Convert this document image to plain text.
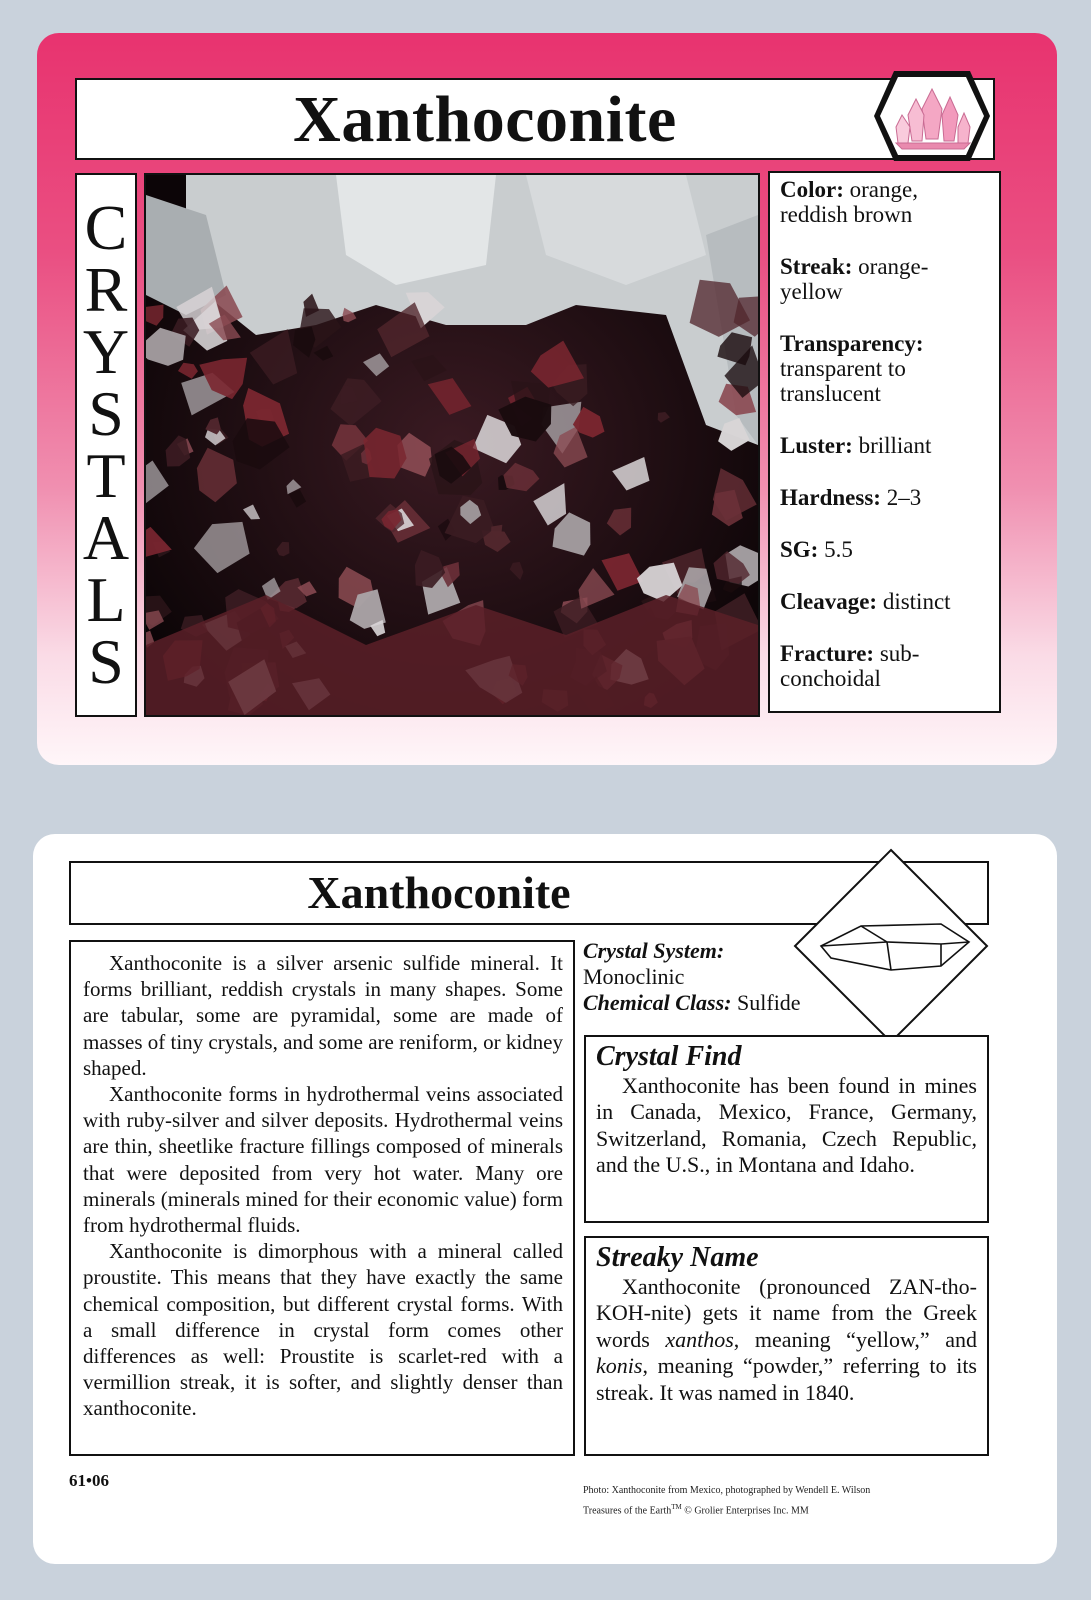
Xanthoconite
C
R
Y
S
T
A
L
S
Color: orange, reddish brown
Streak: orange-yellow
Transparency: transparent to translucent
Luster: brilliant
Hardness: 2–3
SG: 5.5
Cleavage: distinct
Fracture: sub-conchoidal
Xanthoconite

Xanthoconite is a silver arsenic sulfide mineral. It forms brilliant, reddish crystals in many shapes. Some are tabular, some are pyramidal, some are made of masses of tiny crystals, and some are reniform, or kidney shaped.

Xanthoconite forms in hydrothermal veins associated with ruby-silver and silver deposits. Hydrothermal veins are thin, sheetlike fracture fillings composed of minerals that were deposited from very hot water. Many ore minerals (minerals mined for their economic value) form from hydrothermal fluids.

Xanthoconite is dimorphous with a mineral called proustite. This means that they have exactly the same chemical composition, but different crystal forms. With a small difference in crystal form comes other differences as well: Proustite is scarlet-red with a vermillion streak, it is softer, and slightly denser than xanthoconite.

Crystal System:
Monoclinic
Chemical Class: Sulfide
Crystal Find

Xanthoconite has been found in mines in Canada, Mexico, France, Germany, Switzerland, Romania, Czech Republic, and the U.S., in Montana and Idaho.

Streaky Name

Xanthoconite (pronounced ZAN-tho-KOH-nite) gets it name from the Greek words xanthos, meaning “yellow,” and konis, meaning “powder,” referring to its streak. It was named in 1840.

61•06
Photo: Xanthoconite from Mexico, photographed by Wendell E. Wilson
Treasures of the Earth™ © Grolier Enterprises Inc. MM
